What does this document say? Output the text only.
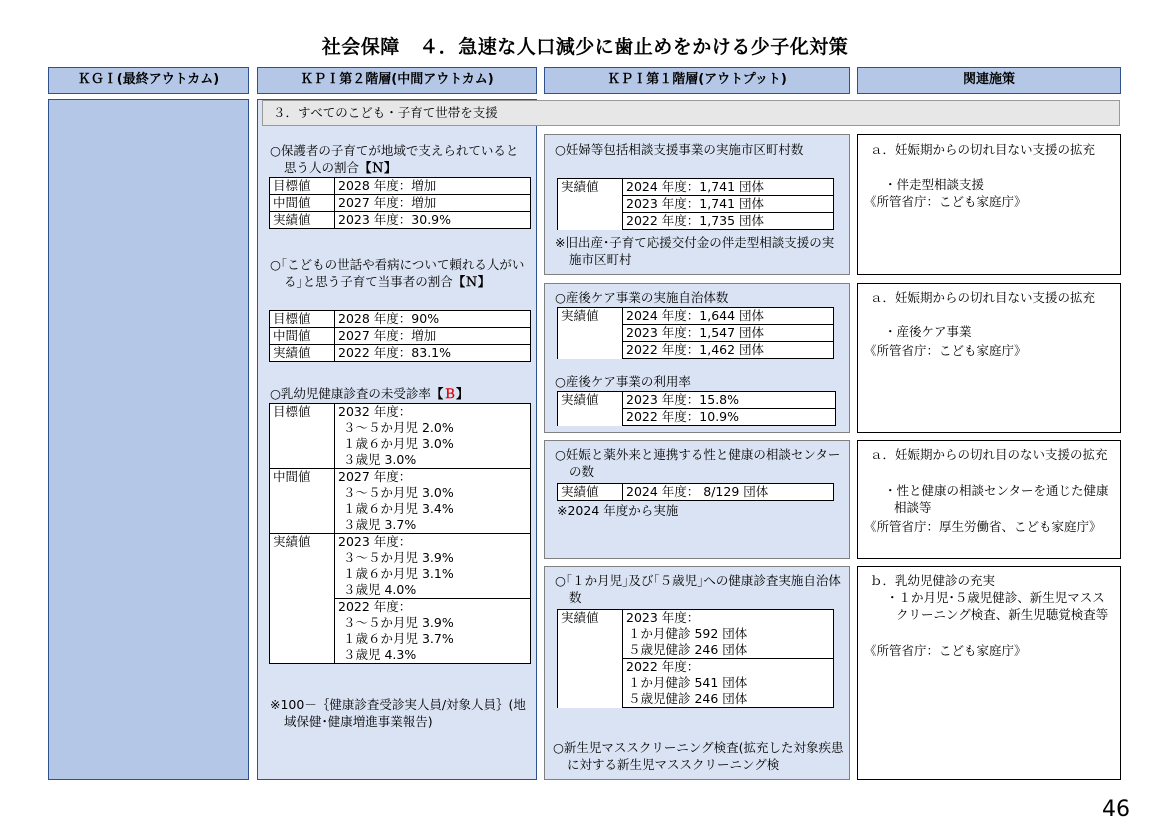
社会保障　４．急速な人口減少に歯止めをかける少子化対策
ＫＧＩ(最終アウトカム)	ＫＰＩ第２階層(中間アウトカム)	ＫＰＩ第１階層(アウトプット)	関連施策
３．すべてのこども・子育て世帯を支援
○保護者の子育てが地域で支えられていると思う人の割合【Ｎ】
目標値	2028 年度：増加
中間値	2027 年度：増加
実績値	2023 年度：30.9%
○｢こどもの世話や看病について頼れる人がいる｣と思う子育て当事者の割合【Ｎ】
目標値	2028 年度：90%
中間値	2027 年度：増加
実績値	2022 年度：83.1%
○乳幼児健康診査の未受診率【Ｂ】
目標値	2032 年度：
	３～５か月児 2.0%
	１歳６か月児 3.0%
	３歳児 3.0%
中間値	2027 年度：
	３～５か月児 3.0%
	１歳６か月児 3.4%
	３歳児 3.7%
実績値	2023 年度：
	３～５か月児 3.9%
	１歳６か月児 3.1%
	３歳児 4.0%
	2022 年度：
	３～５か月児 3.9%
	１歳６か月児 3.7%
	３歳児 4.3%
※100－｛健康診査受診実人員/対象人員｝(地域保健･健康増進事業報告)
○妊婦等包括相談支援事業の実施市区町村数
実績値	2024 年度：1,741 団体
2023 年度：1,741 団体
2022 年度：1,735 団体
※旧出産･子育て応援交付金の伴走型相談支援の実施市区町村
○産後ケア事業の実施自治体数
実績値	2024 年度：1,644 団体
2023 年度：1,547 団体
2022 年度：1,462 団体
○産後ケア事業の利用率
実績値	2023 年度：15.8%
2022 年度：10.9%
○妊娠と薬外来と連携する性と健康の相談センターの数
実績値	2024 年度： 8/129 団体
※2024 年度から実施
○｢１か月児｣及び｢５歳児｣への健康診査実施自治体数
実績値	2023 年度：
１か月健診 592 団体
５歳児健診 246 団体
2022 年度：
１か月健診 541 団体
５歳児健診 246 団体
○新生児マススクリーニング検査(拡充した対象疾患に対する新生児マススクリーニング検
ａ．妊娠期からの切れ目ない支援の拡充
・伴走型相談支援
《所管省庁：こども家庭庁》
ａ．妊娠期からの切れ目ない支援の拡充
・産後ケア事業
《所管省庁：こども家庭庁》
ａ．妊娠期からの切れ目のない支援の拡充
・性と健康の相談センターを通じた健康相談等
《所管省庁：厚生労働省、こども家庭庁》
ｂ．乳幼児健診の充実
・１か月児･５歳児健診、新生児マススクリーニング検査、新生児聴覚検査等
《所管省庁：こども家庭庁》
46
